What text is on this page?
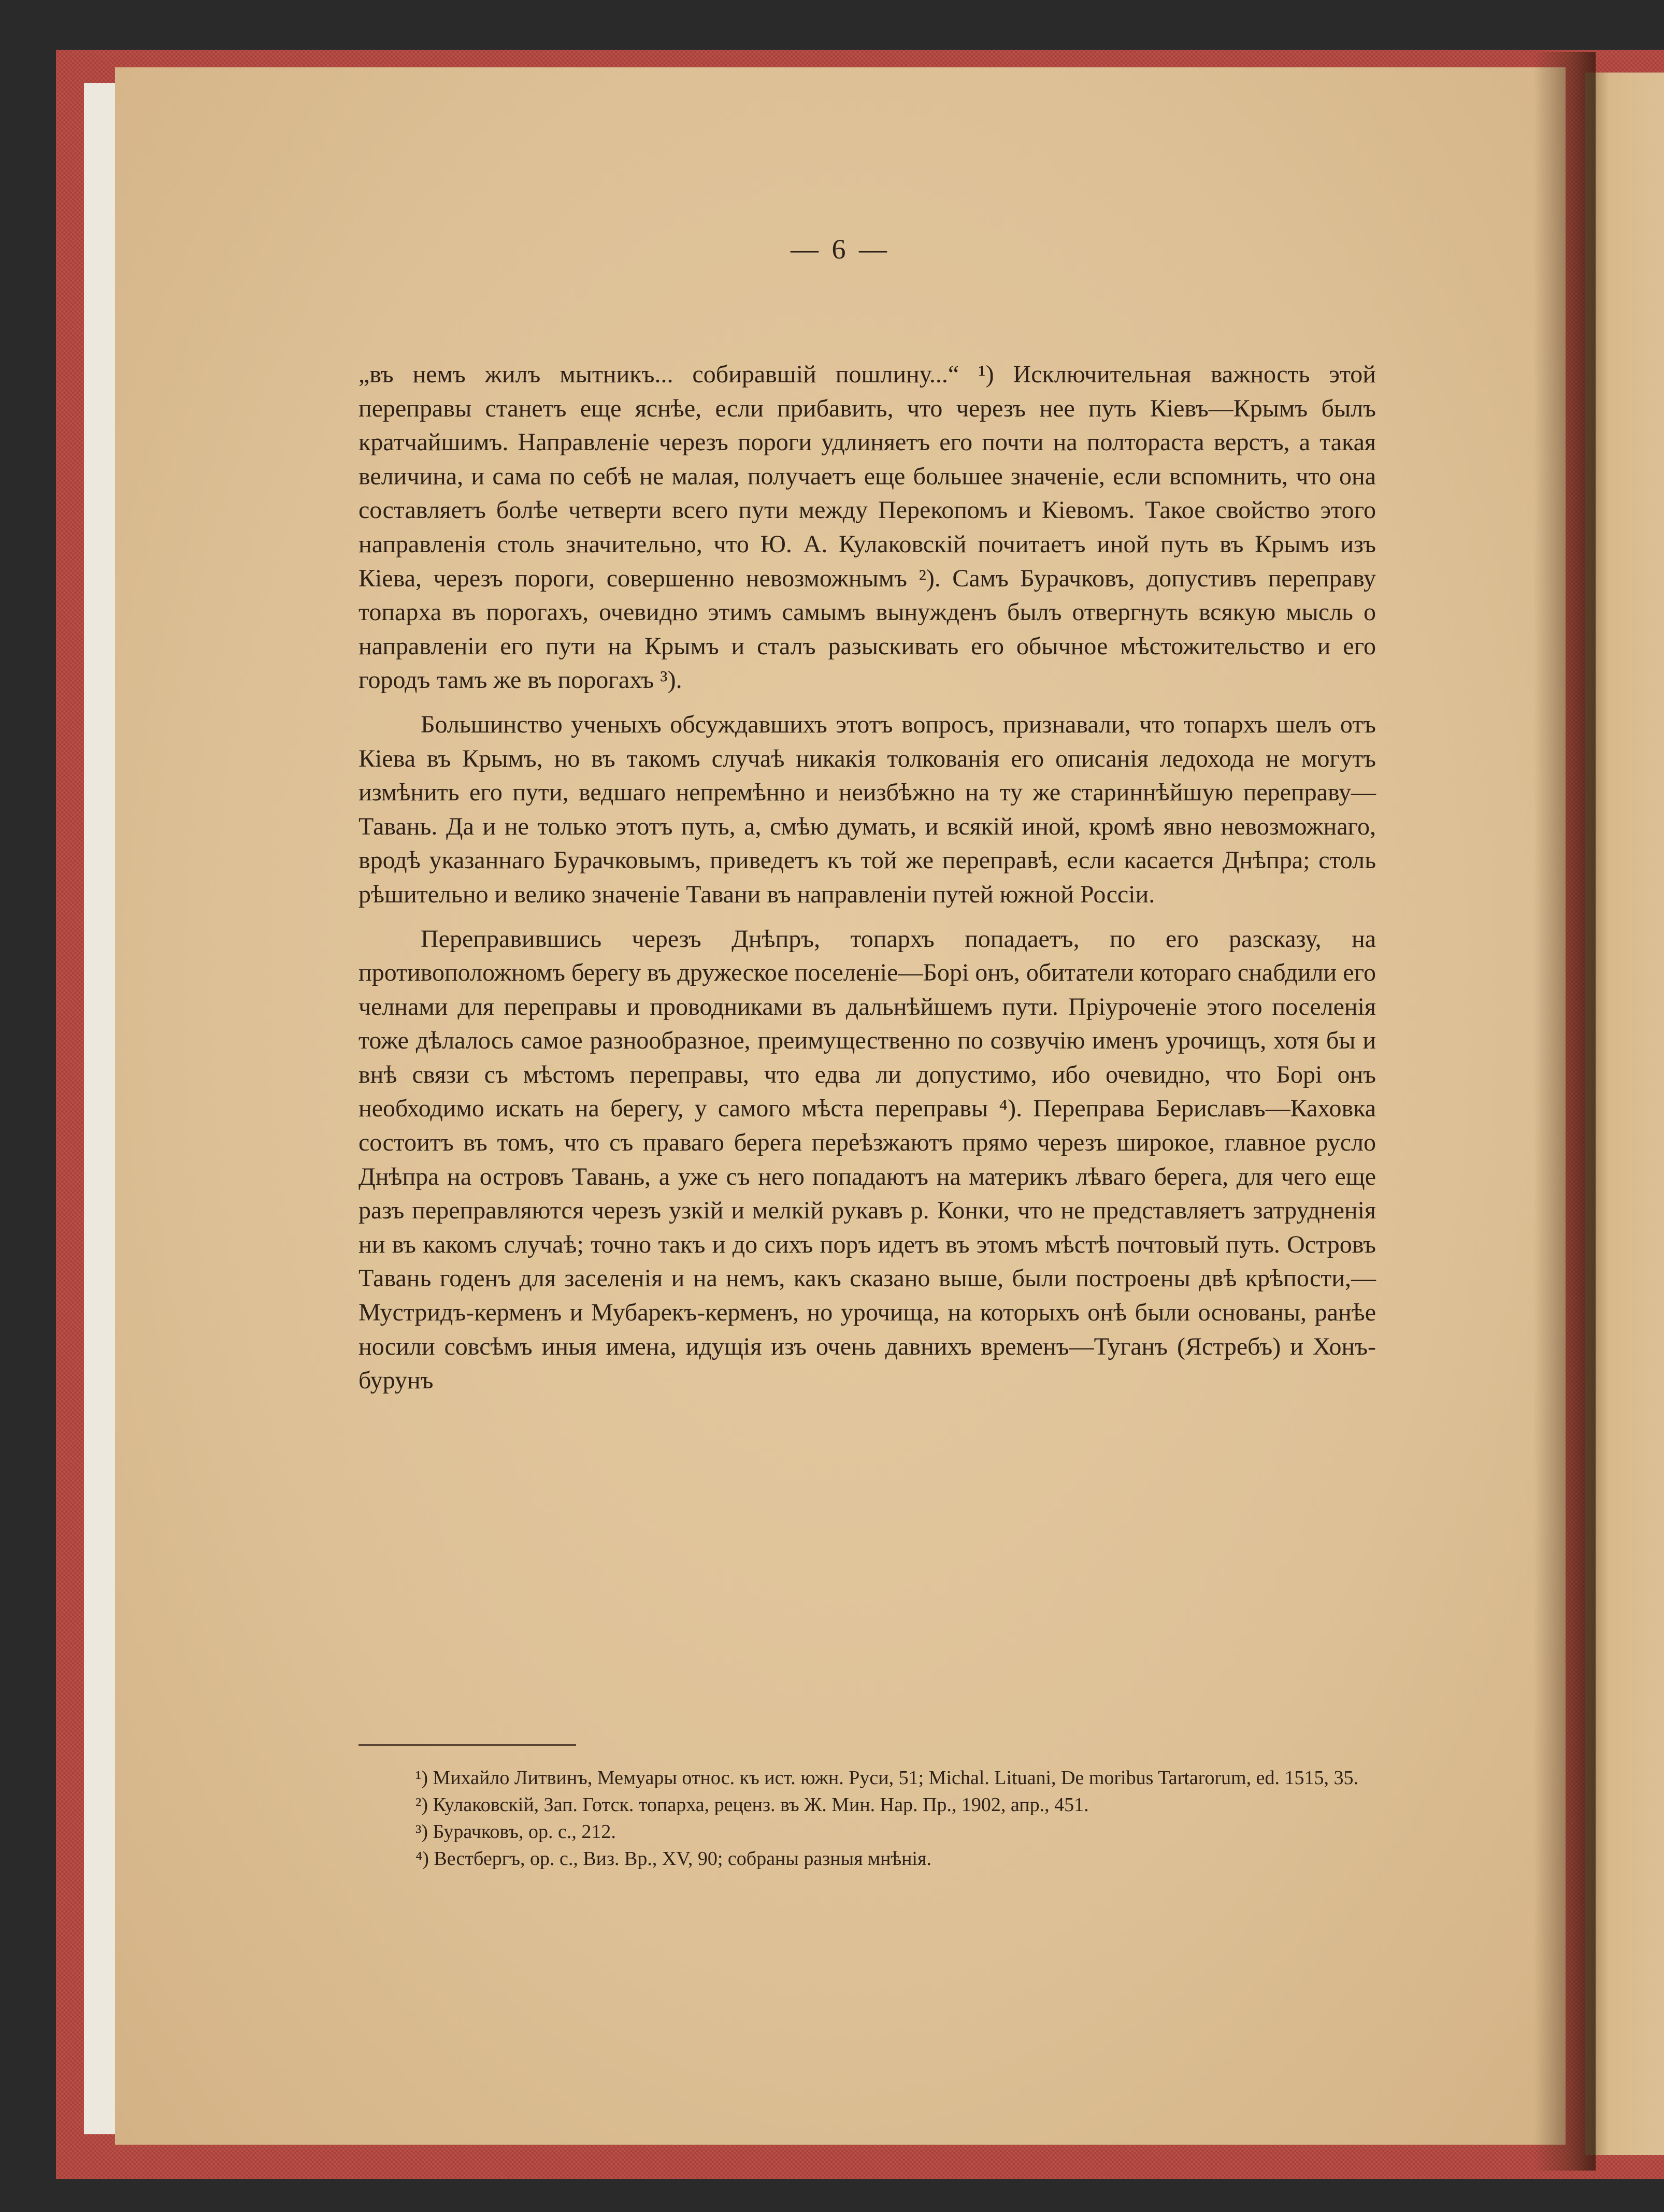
— 6 —

„въ немъ жилъ мытникъ... собиравшій пошлину...“ ¹) Исключительная важность этой переправы станетъ еще яснѣе, если прибавить, что черезъ нее путь Кіевъ—Крымъ былъ кратчайшимъ. Направленіе черезъ пороги удлиняетъ его почти на полтораста верстъ, а такая величина, и сама по себѣ не малая, получаетъ еще большее значеніе, если вспомнить, что она составляетъ болѣе четверти всего пути между Перекопомъ и Кіевомъ. Такое свойство этого направленія столь значительно, что Ю. А. Кулаковскій почитаетъ иной путь въ Крымъ изъ Кіева, черезъ пороги, совершенно невозможнымъ ²). Самъ Бурачковъ, допустивъ переправу топарха въ порогахъ, очевидно этимъ самымъ вынужденъ былъ отвергнуть всякую мысль о направленіи его пути на Крымъ и сталъ разыскивать его обычное мѣстожительство и его городъ тамъ же въ порогахъ ³).

Большинство ученыхъ обсуждавшихъ этотъ вопросъ, признавали, что топархъ шелъ отъ Кіева въ Крымъ, но въ такомъ случаѣ никакія толкованія его описанія ледохода не могутъ измѣнить его пути, ведшаго непремѣнно и неизбѣжно на ту же стариннѣйшую переправу—Тавань. Да и не только этотъ путь, а, смѣю думать, и всякій иной, кромѣ явно невозможнаго, вродѣ указаннаго Бурачковымъ, приведетъ къ той же переправѣ, если касается Днѣпра; столь рѣшительно и велико значеніе Тавани въ направленіи путей южной Россіи.

Переправившись черезъ Днѣпръ, топархъ попадаетъ, по его разсказу, на противоположномъ берегу въ дружеское поселеніе—Борі онъ, обитатели котораго снабдили его челнами для переправы и проводниками въ дальнѣйшемъ пути. Пріуроченіе этого поселенія тоже дѣлалось самое разнообразное, преимущественно по созвучію именъ урочищъ, хотя бы и внѣ связи съ мѣстомъ переправы, что едва ли допустимо, ибо очевидно, что Борі онъ необходимо искать на берегу, у самого мѣста переправы ⁴). Переправа Бериславъ—Каховка состоитъ въ томъ, что съ праваго берега переѣзжаютъ прямо черезъ широкое, главное русло Днѣпра на островъ Тавань, а уже съ него попадаютъ на материкъ лѣваго берега, для чего еще разъ переправляются черезъ узкій и мелкій рукавъ р. Конки, что не представляетъ затрудненія ни въ какомъ случаѣ; точно такъ и до сихъ поръ идетъ въ этомъ мѣстѣ почтовый путь. Островъ Тавань годенъ для заселенія и на немъ, какъ сказано выше, были построены двѣ крѣпости,—Мустридъ-керменъ и Мубарекъ-керменъ, но урочища, на которыхъ онѣ были основаны, ранѣе носили совсѣмъ иныя имена, идущія изъ очень давнихъ временъ—Туганъ (Ястребъ) и Хонъ-бурунъ

¹) Михайло Литвинъ, Мемуары относ. къ ист. южн. Руси, 51; Michal. Lituani, De moribus Tartarorum, ed. 1515, 35.

²) Кулаковскій, Зап. Готск. топарха, реценз. въ Ж. Мин. Нар. Пр., 1902, апр., 451.

³) Бурачковъ, op. c., 212.

⁴) Вестбергъ, op. c., Виз. Вр., XV, 90; собраны разныя мнѣнія.
